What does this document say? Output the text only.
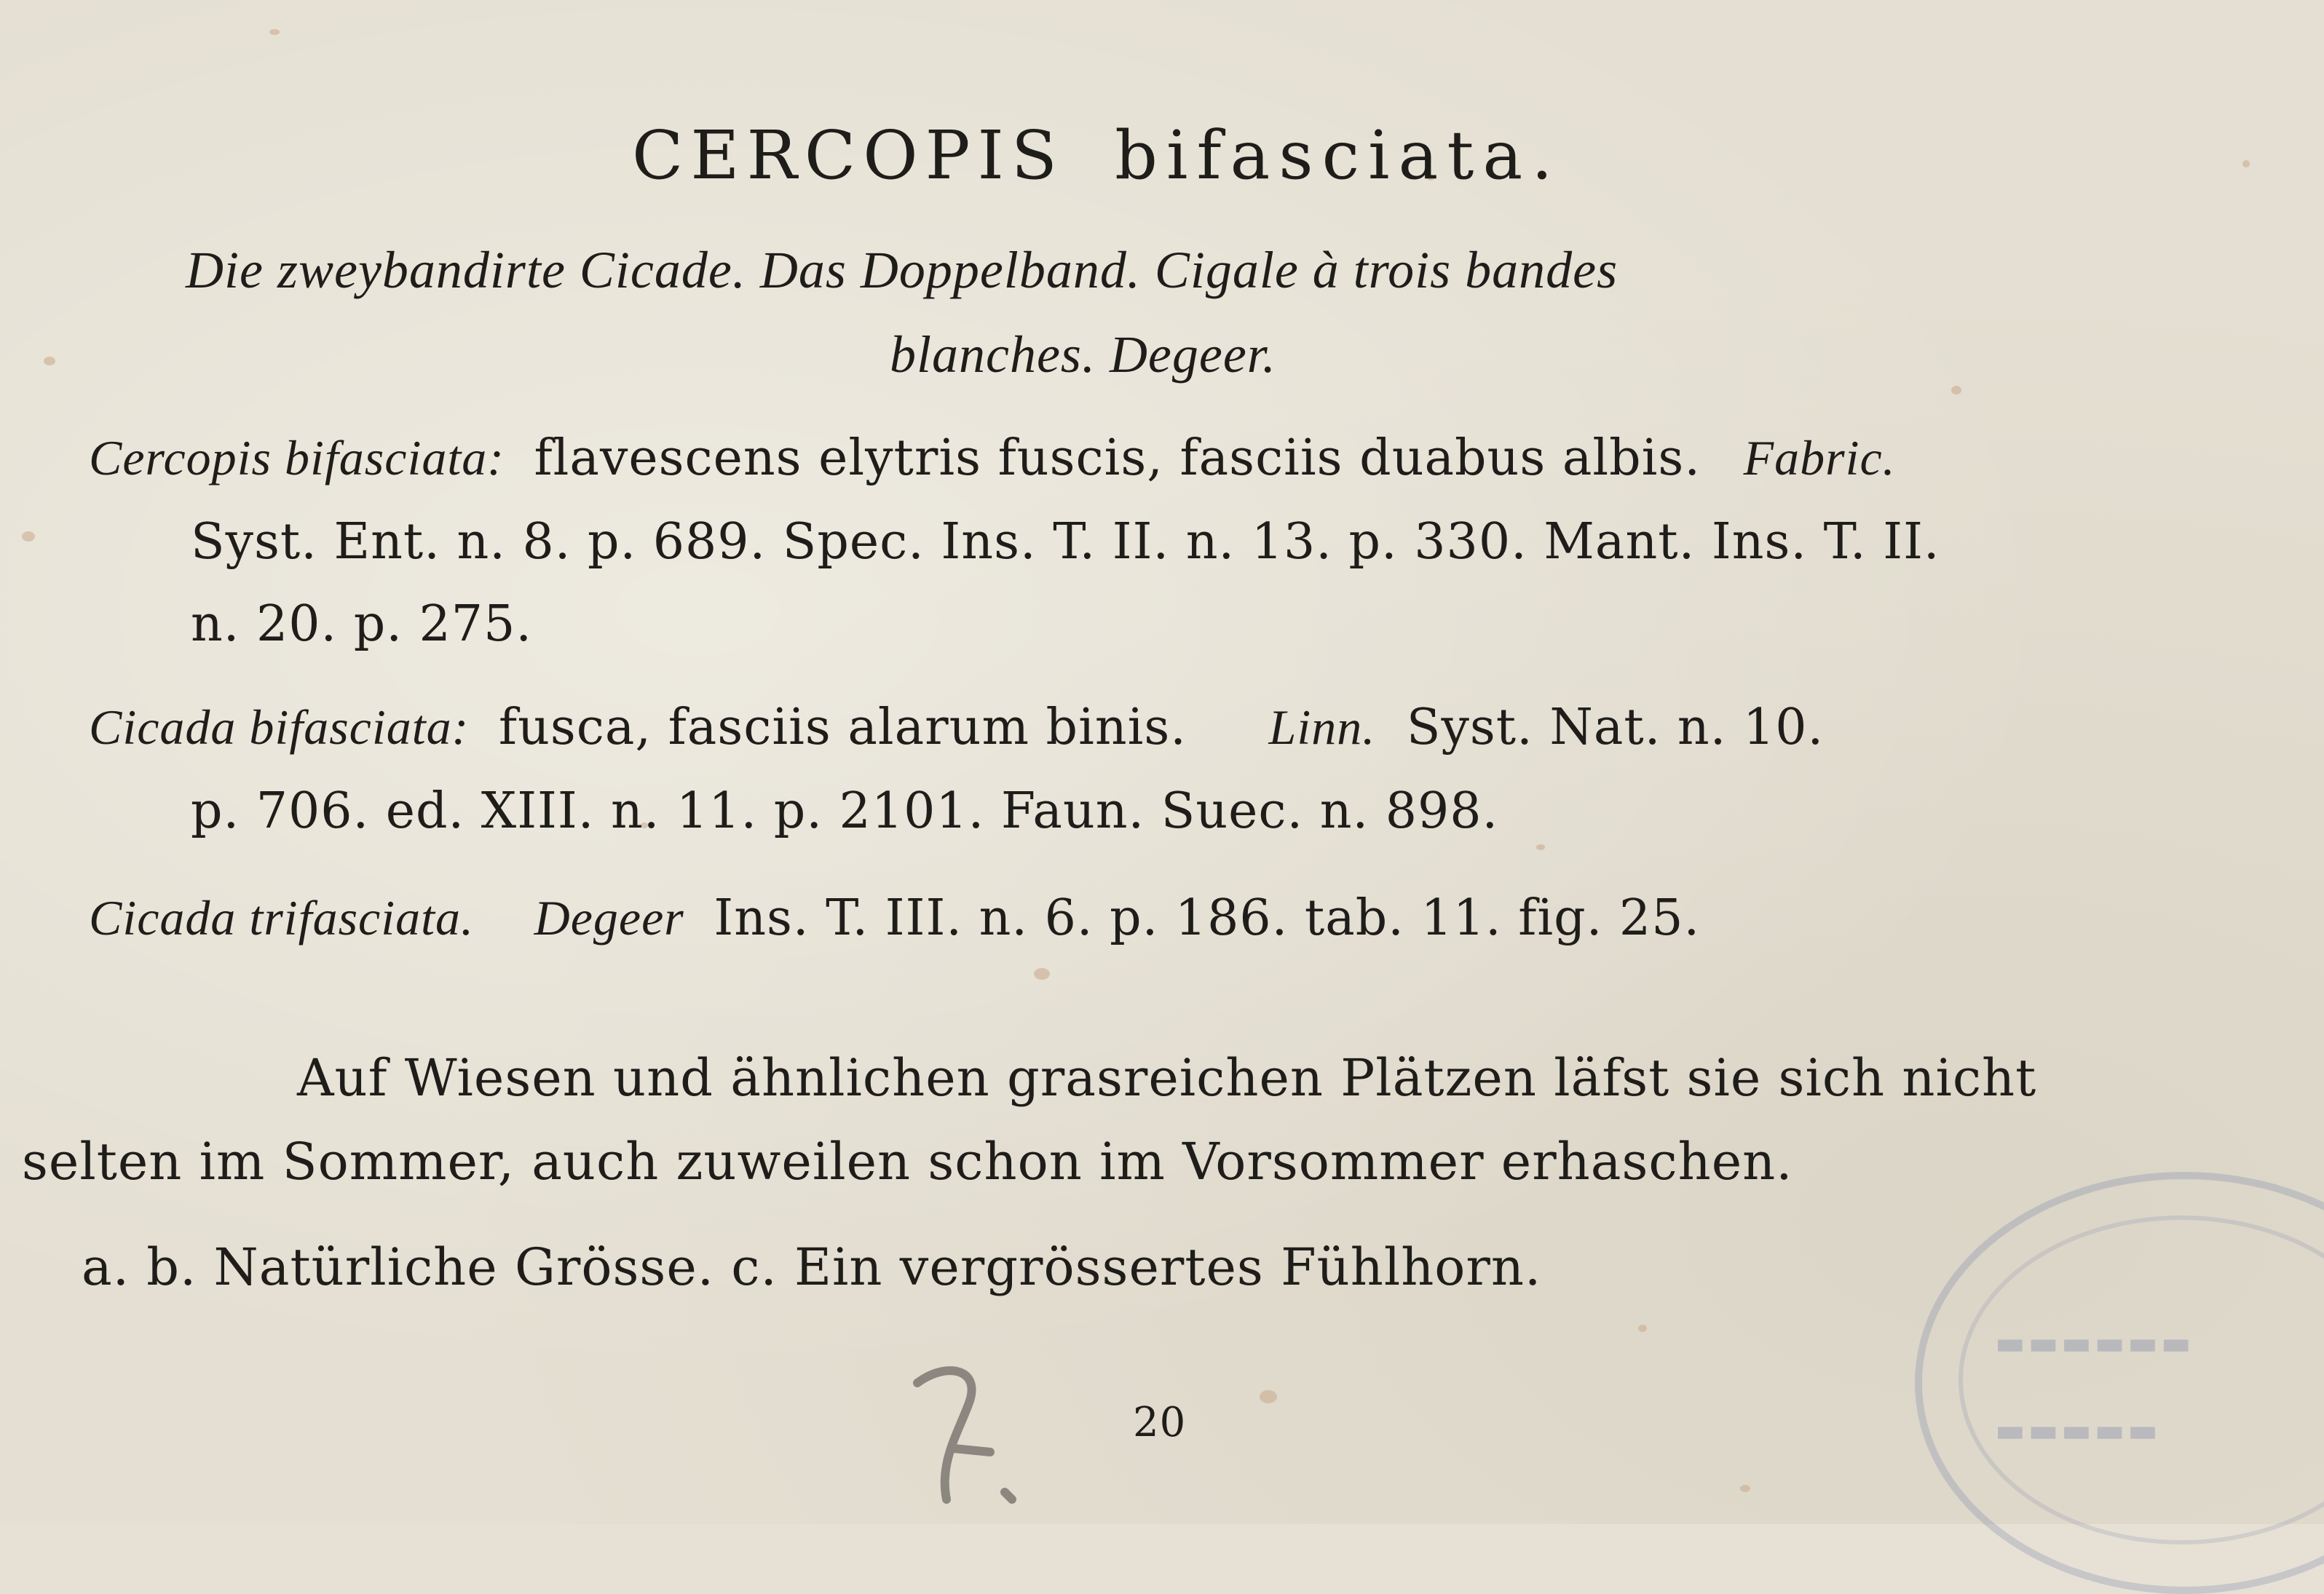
▬▬▬▬▬▬
▬▬▬▬▬
CERCOPIS bifasciata.
Die zweybandirte Cicade. Das Doppelband. Cigale à trois bandes
blanches. Degeer.
Cercopis bifasciata: flavescens elytris fuscis, fasciis duabus albis. Fabric.
Syst. Ent. n. 8. p. 689. Spec. Ins. T. II. n. 13. p. 330. Mant. Ins. T. II.
n. 20. p. 275.
Cicada bifasciata: fusca, fasciis alarum binis. Linn. Syst. Nat. n. 10.
p. 706. ed. XIII. n. 11. p. 2101. Faun. Suec. n. 898.
Cicada trifasciata. Degeer Ins. T. III. n. 6. p. 186. tab. 11. fig. 25.
Auf Wiesen und ähnlichen grasreichen Plätzen läfst sie sich nicht
selten im Sommer, auch zuweilen schon im Vorsommer erhaschen.
a. b. Natürliche Grösse. c. Ein vergrössertes Fühlhorn.
20
